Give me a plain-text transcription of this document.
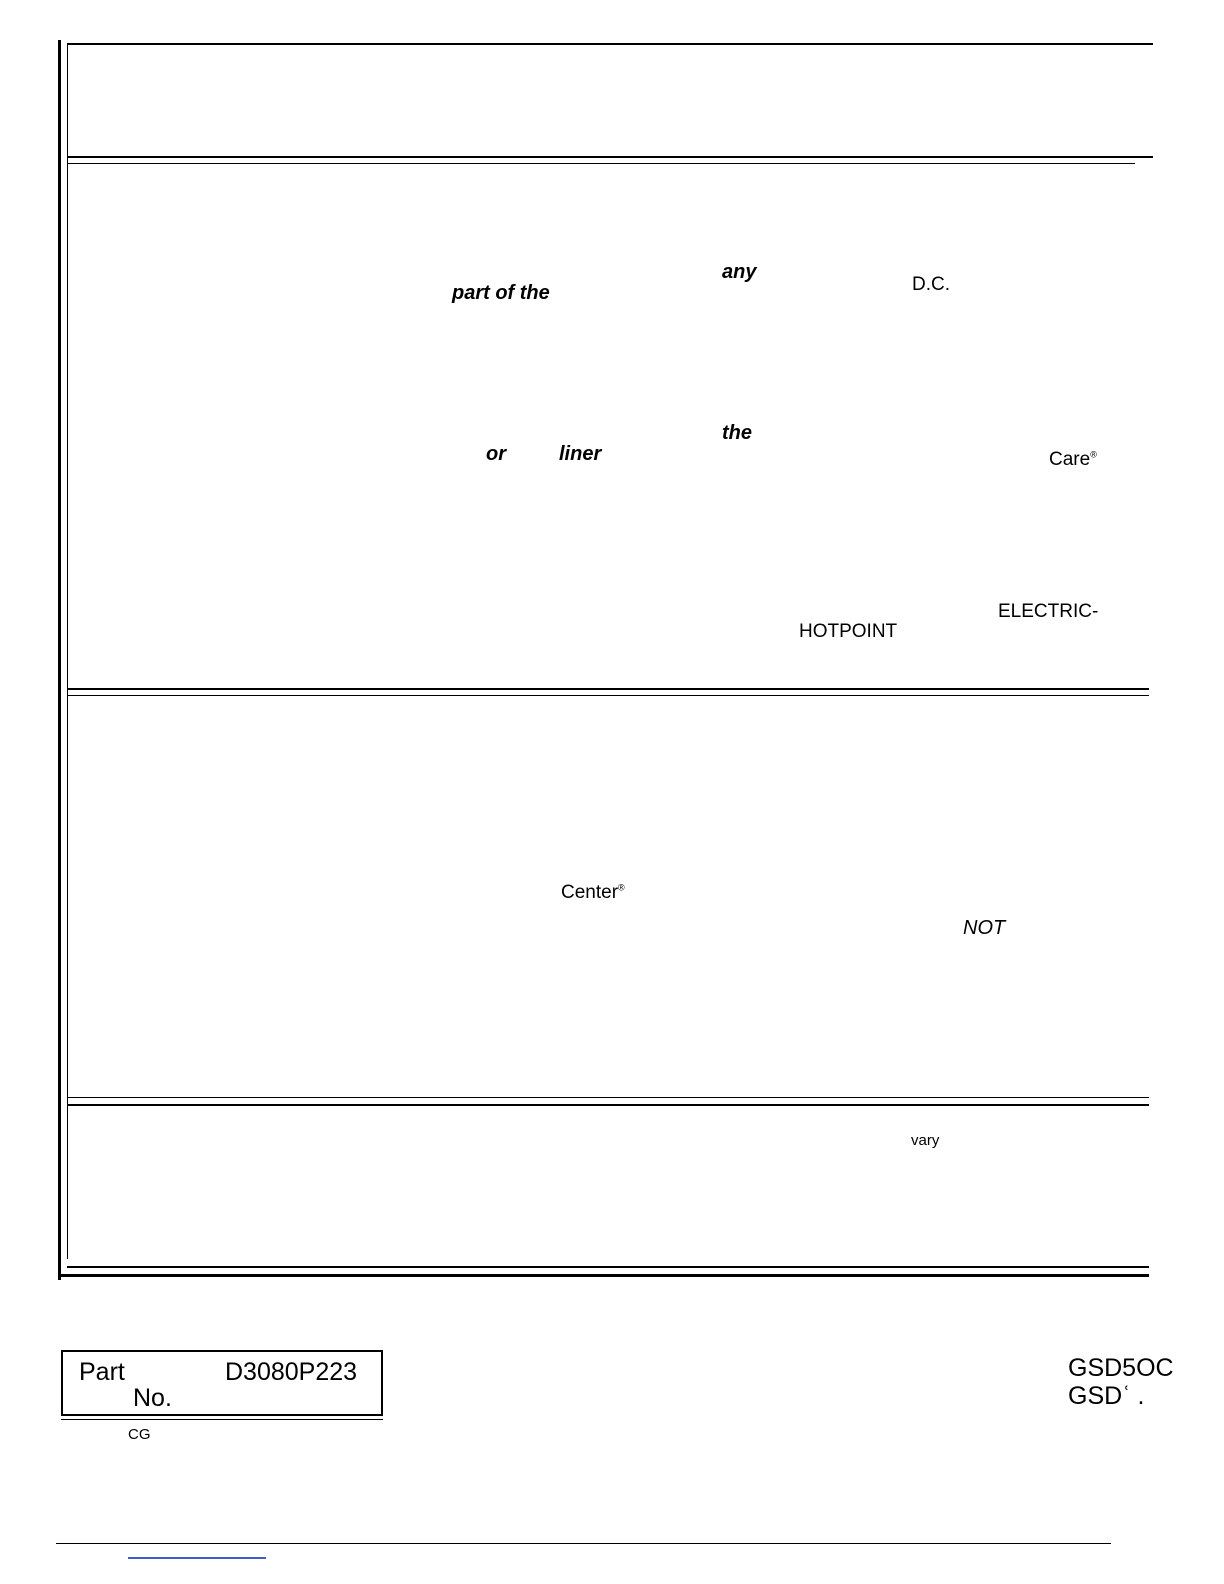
any
part of the	D.C.
the
or	liner	Care®
ELECTRIC-
HOTPOINT
Center®
NOT
vary
Part
No.
D3080P223
CG
GSD5OC
GSDʿ .
